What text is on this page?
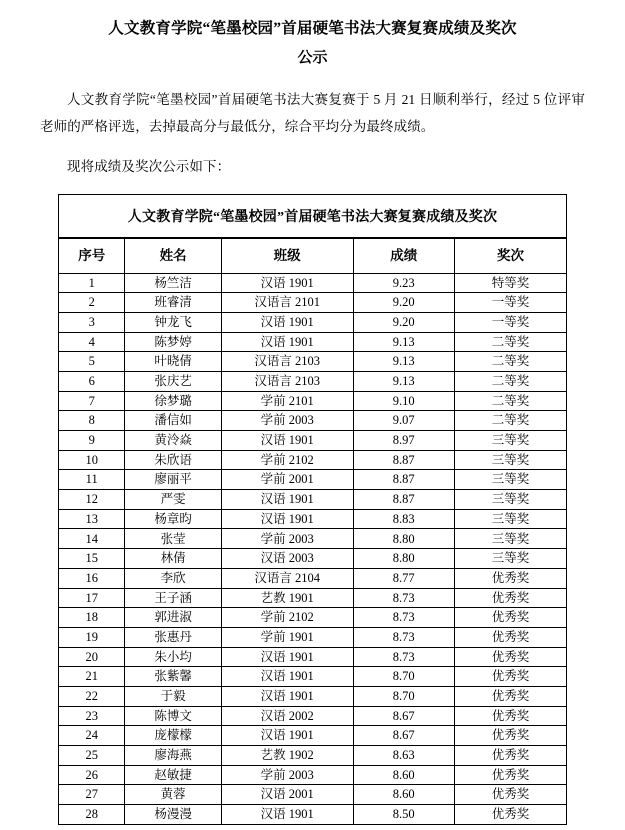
人文教育学院“笔墨校园”首届硬笔书法大赛复赛成绩及奖次
公示

人文教育学院“笔墨校园”首届硬笔书法大赛复赛于 5 月 21 日顺利举行，经过 5 位评审老师的严格评选，去掉最高分与最低分，综合平均分为最终成绩。

现将成绩及奖次公示如下：

人文教育学院“笔墨校园”首届硬笔书法大赛复赛成绩及奖次
序号	姓名	班级	成绩	奖次
1	杨竺洁	汉语 1901	9.23	特等奖
2	班睿清	汉语言 2101	9.20	一等奖
3	钟龙飞	汉语 1901	9.20	一等奖
4	陈梦婷	汉语 1901	9.13	二等奖
5	叶晓倩	汉语言 2103	9.13	二等奖
6	张庆艺	汉语言 2103	9.13	二等奖
7	徐梦璐	学前 2101	9.10	二等奖
8	潘信如	学前 2003	9.07	二等奖
9	黄泠焱	汉语 1901	8.97	三等奖
10	朱欣语	学前 2102	8.87	三等奖
11	廖丽平	学前 2001	8.87	三等奖
12	严雯	汉语 1901	8.87	三等奖
13	杨章昀	汉语 1901	8.83	三等奖
14	张莹	学前 2003	8.80	三等奖
15	林倩	汉语 2003	8.80	三等奖
16	李欣	汉语言 2104	8.77	优秀奖
17	王子涵	艺教 1901	8.73	优秀奖
18	郭进淑	学前 2102	8.73	优秀奖
19	张惠丹	学前 1901	8.73	优秀奖
20	朱小均	汉语 1901	8.73	优秀奖
21	张紫馨	汉语 1901	8.70	优秀奖
22	于毅	汉语 1901	8.70	优秀奖
23	陈博文	汉语 2002	8.67	优秀奖
24	庞檬檬	汉语 1901	8.67	优秀奖
25	廖海燕	艺教 1902	8.63	优秀奖
26	赵敏捷	学前 2003	8.60	优秀奖
27	黄蓉	汉语 2001	8.60	优秀奖
28	杨漫漫	汉语 1901	8.50	优秀奖
